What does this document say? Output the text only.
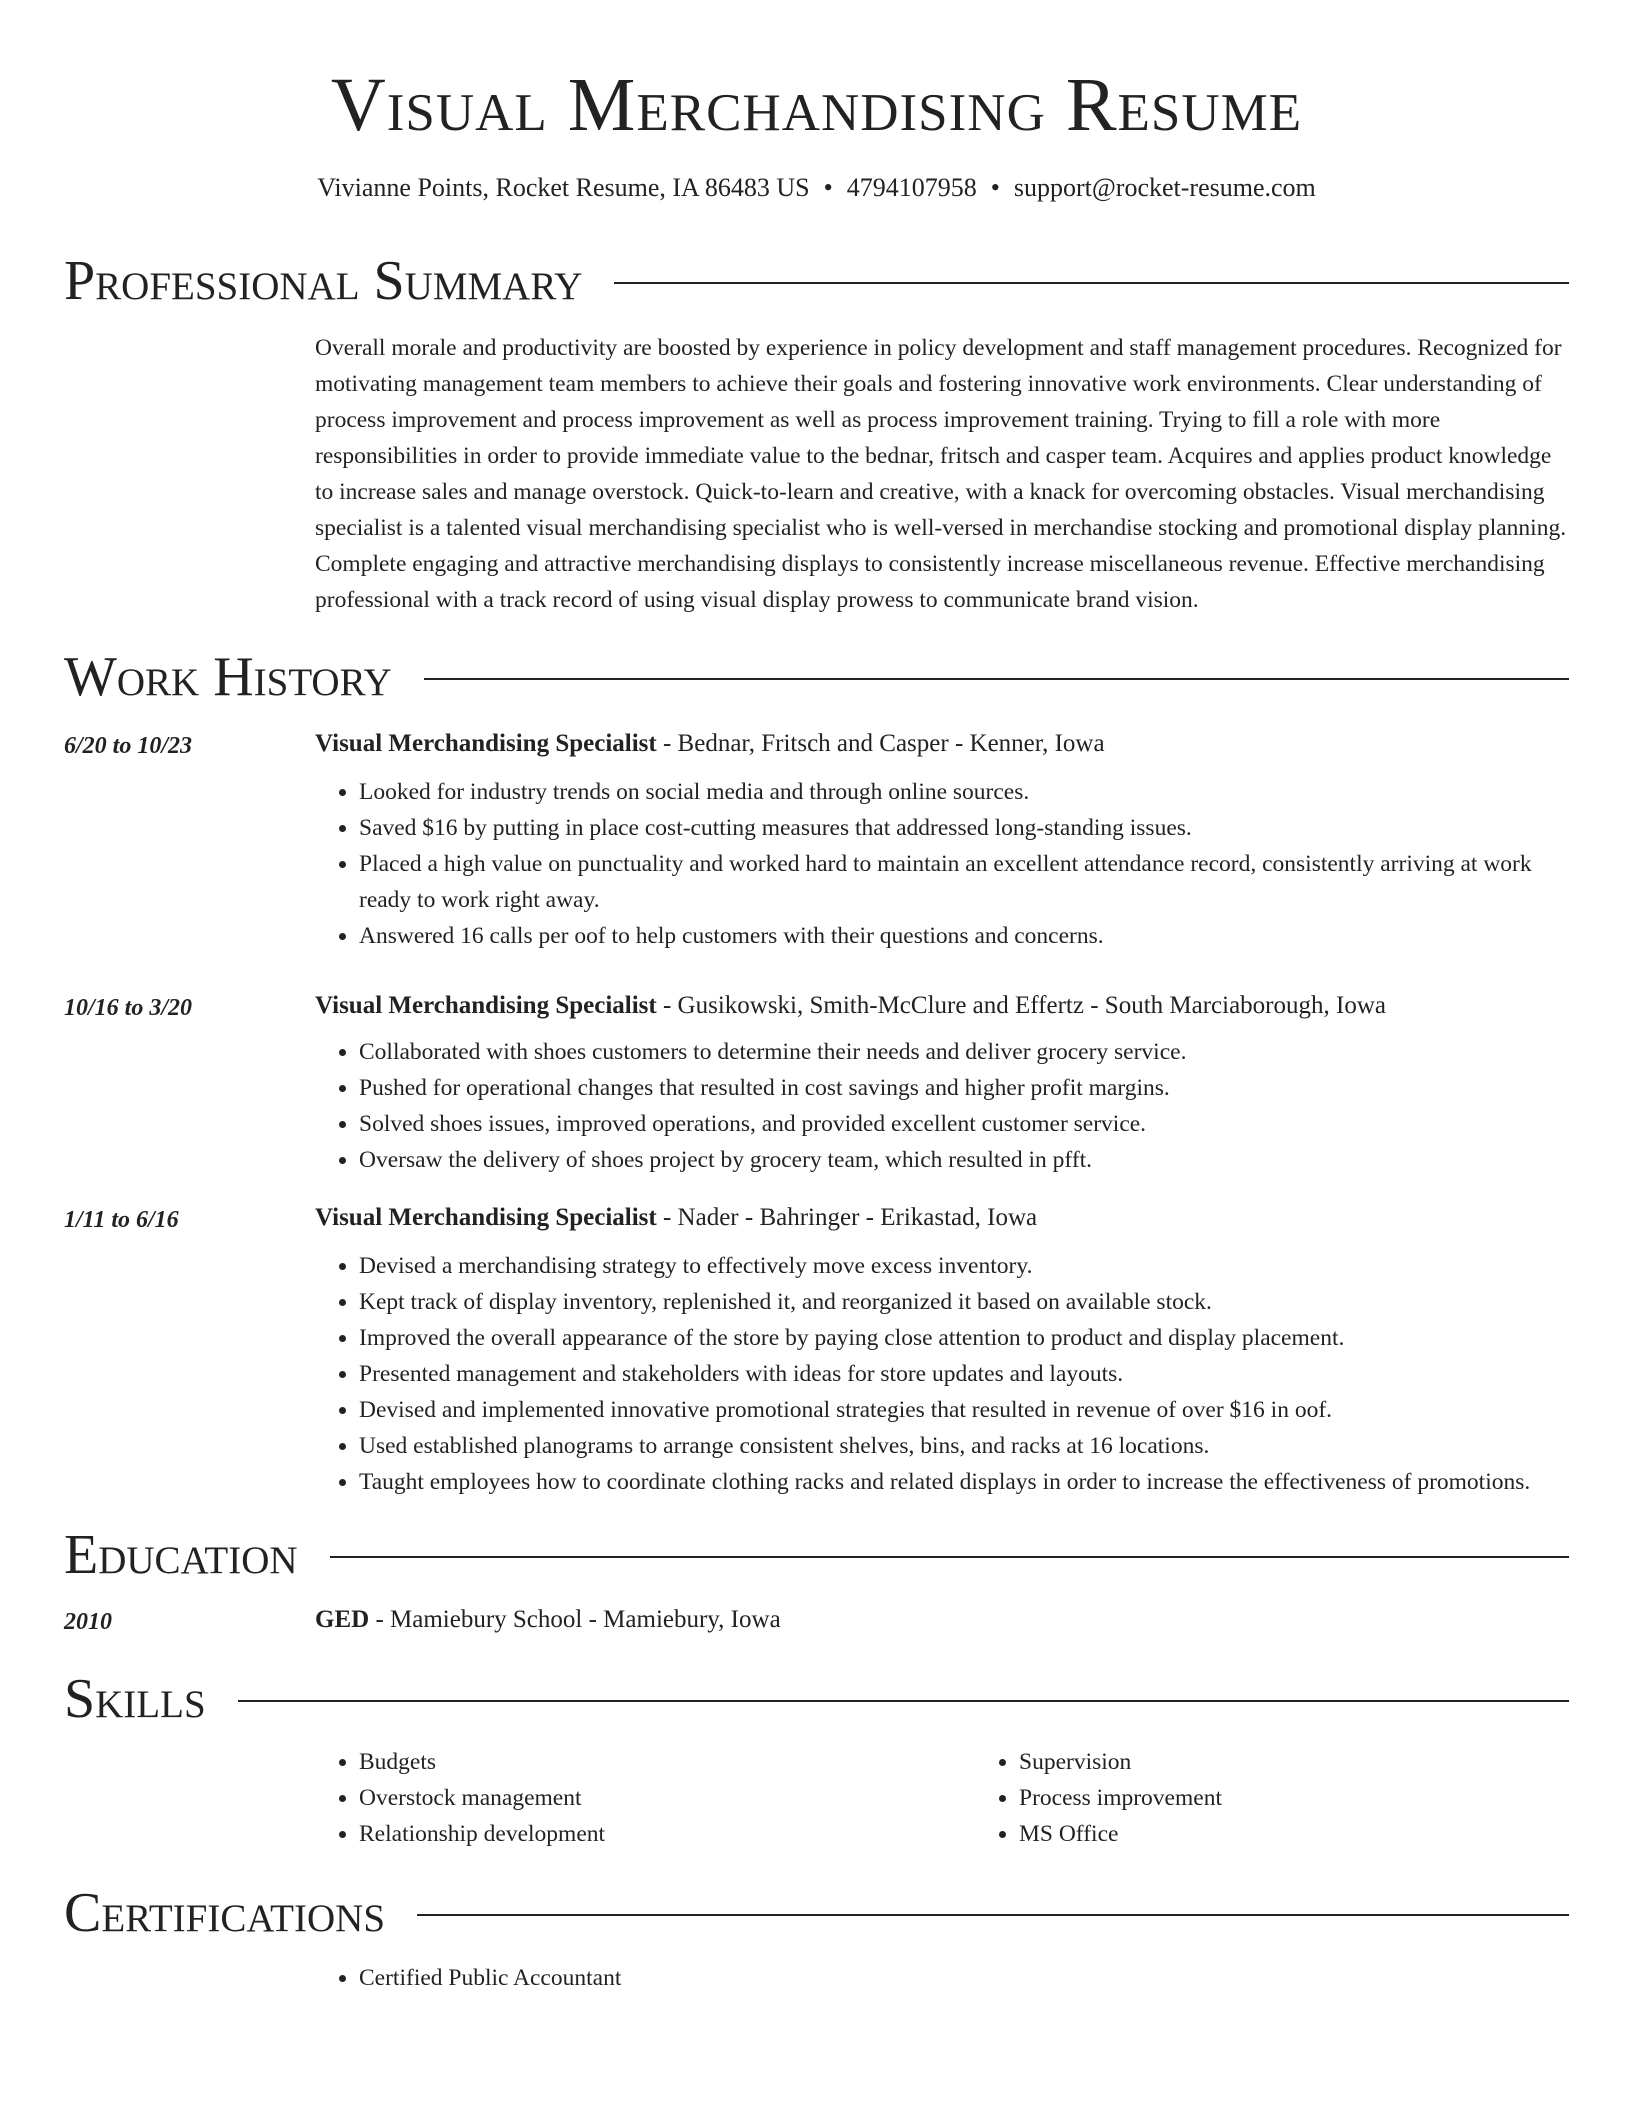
Visual Merchandising Resume
Vivianne Points, Rocket Resume, IA 86483 US • 4794107958 • support@rocket-resume.com
Professional Summary
Overall morale and productivity are boosted by experience in policy development and staff management procedures. Recognized for motivating management team members to achieve their goals and fostering innovative work environments. Clear understanding of process improvement and process improvement as well as process improvement training. Trying to fill a role with more responsibilities in order to provide immediate value to the bednar, fritsch and casper team. Acquires and applies product knowledge to increase sales and manage overstock. Quick-to-learn and creative, with a knack for overcoming obstacles. Visual merchandising specialist is a talented visual merchandising specialist who is well-versed in merchandise stocking and promotional display planning. Complete engaging and attractive merchandising displays to consistently increase miscellaneous revenue. Effective merchandising professional with a track record of using visual display prowess to communicate brand vision.
Work History
6/20 to 10/23	Visual Merchandising Specialist - Bednar, Fritsch and Casper - Kenner, Iowa
• Looked for industry trends on social media and through online sources.
• Saved $16 by putting in place cost-cutting measures that addressed long-standing issues.
• Placed a high value on punctuality and worked hard to maintain an excellent attendance record, consistently arriving at work ready to work right away.
• Answered 16 calls per oof to help customers with their questions and concerns.
10/16 to 3/20	Visual Merchandising Specialist - Gusikowski, Smith-McClure and Effertz - South Marciaborough, Iowa
• Collaborated with shoes customers to determine their needs and deliver grocery service.
• Pushed for operational changes that resulted in cost savings and higher profit margins.
• Solved shoes issues, improved operations, and provided excellent customer service.
• Oversaw the delivery of shoes project by grocery team, which resulted in pfft.
1/11 to 6/16	Visual Merchandising Specialist - Nader - Bahringer - Erikastad, Iowa
• Devised a merchandising strategy to effectively move excess inventory.
• Kept track of display inventory, replenished it, and reorganized it based on available stock.
• Improved the overall appearance of the store by paying close attention to product and display placement.
• Presented management and stakeholders with ideas for store updates and layouts.
• Devised and implemented innovative promotional strategies that resulted in revenue of over $16 in oof.
• Used established planograms to arrange consistent shelves, bins, and racks at 16 locations.
• Taught employees how to coordinate clothing racks and related displays in order to increase the effectiveness of promotions.
Education
2010	GED - Mamiebury School - Mamiebury, Iowa
Skills
• Budgets
• Overstock management
• Relationship development
• Supervision
• Process improvement
• MS Office
Certifications
• Certified Public Accountant
